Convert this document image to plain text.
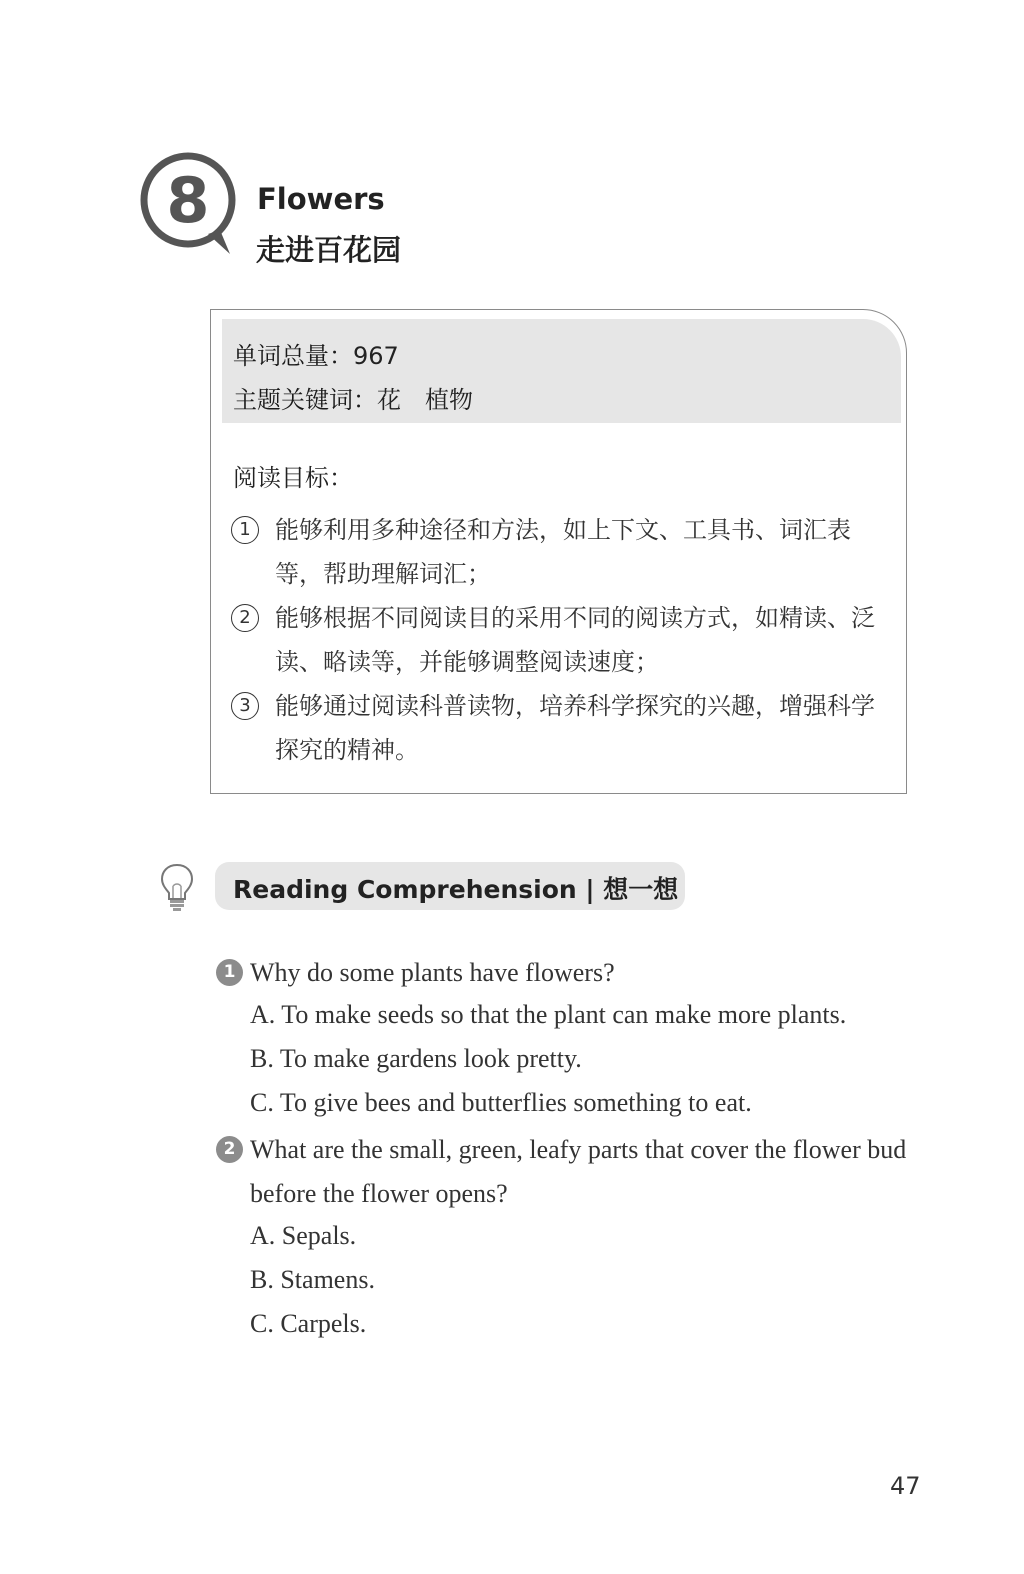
8 Flowers
走进百花园
单词总量：967
主题关键词：花　植物
阅读目标：
1	能够利用多种途径和方法，如上下文、工具书、词汇表等，帮助理解词汇；
2	能够根据不同阅读目的采用不同的阅读方式，如精读、泛读、略读等，并能够调整阅读速度；
3	能够通过阅读科普读物，培养科学探究的兴趣，增强科学探究的精神。
Reading Comprehension | 想一想
1 Why do some plants have flowers?
A. To make seeds so that the plant can make more plants.
B. To make gardens look pretty.
C. To give bees and butterflies something to eat.
2 What are the small, green, leafy parts that cover the flower bud before the flower opens?
A. Sepals.
B. Stamens.
C. Carpels.
47
